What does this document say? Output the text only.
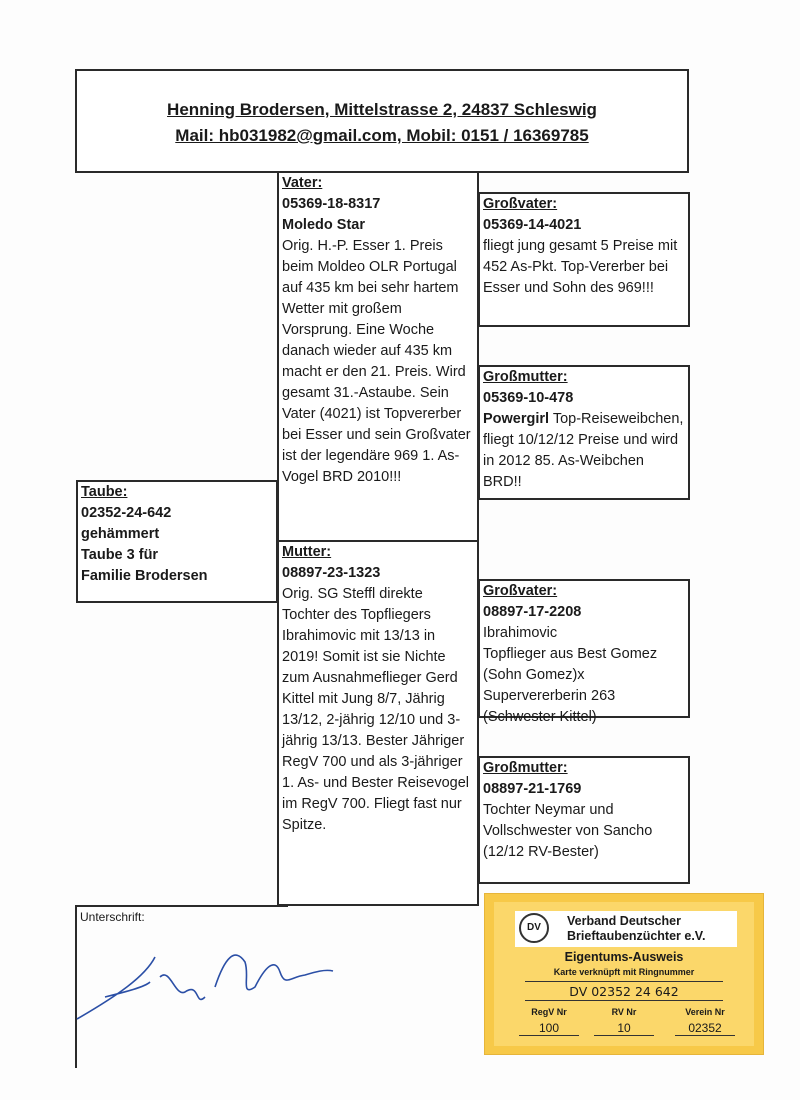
Henning Brodersen, Mittelstrasse 2, 24837 Schleswig
Mail: hb031982@gmail.com, Mobil: 0151 / 16369785
Taube:
02352-24-642
gehämmert
Taube 3 für
Familie Brodersen
Vater:
05369-18-8317
Moledo Star
Orig. H.-P. Esser 1. Preis beim Moldeo OLR Portugal auf 435 km bei sehr hartem Wetter mit großem Vorsprung. Eine Woche danach wieder auf 435 km macht er den 21. Preis. Wird gesamt 31.-Astaube. Sein Vater (4021) ist Topvererber bei Esser und sein Großvater ist der legendäre 969 1. As-Vogel BRD 2010!!!
Mutter:
08897-23-1323
Orig. SG Steffl direkte Tochter des Topfliegers Ibrahimovic mit 13/13 in 2019! Somit ist sie Nichte zum Ausnahmeflieger Gerd Kittel mit Jung 8/7, Jährig 13/12, 2-jährig 12/10 und 3-jährig 13/13. Bester Jähriger RegV 700 und als 3-jähriger 1. As- und Bester Reisevogel im RegV 700. Fliegt fast nur Spitze.
Großvater:
05369-14-4021
fliegt jung gesamt 5 Preise mit 452 As-Pkt. Top-Vererber bei Esser und Sohn des 969!!!
Großmutter:
05369-10-478
Powergirl Top-Reiseweibchen, fliegt 10/12/12 Preise und wird in 2012 85. As-Weibchen BRD!!
Großvater:
08897-17-2208
Ibrahimovic
Topflieger aus Best Gomez (Sohn Gomez)x Supervererberin 263 (Schwester Kittel)
Großmutter:
08897-21-1769
Tochter Neymar und Vollschwester von Sancho (12/12 RV-Bester)
Unterschrift:
DV	Verband Deutscher
Brieftaubenzüchter e.V.
Eigentums-Ausweis
Karte verknüpft mit Ringnummer
DV 02352 24 642
RegV Nr	RV Nr	Verein Nr
100	10	02352
